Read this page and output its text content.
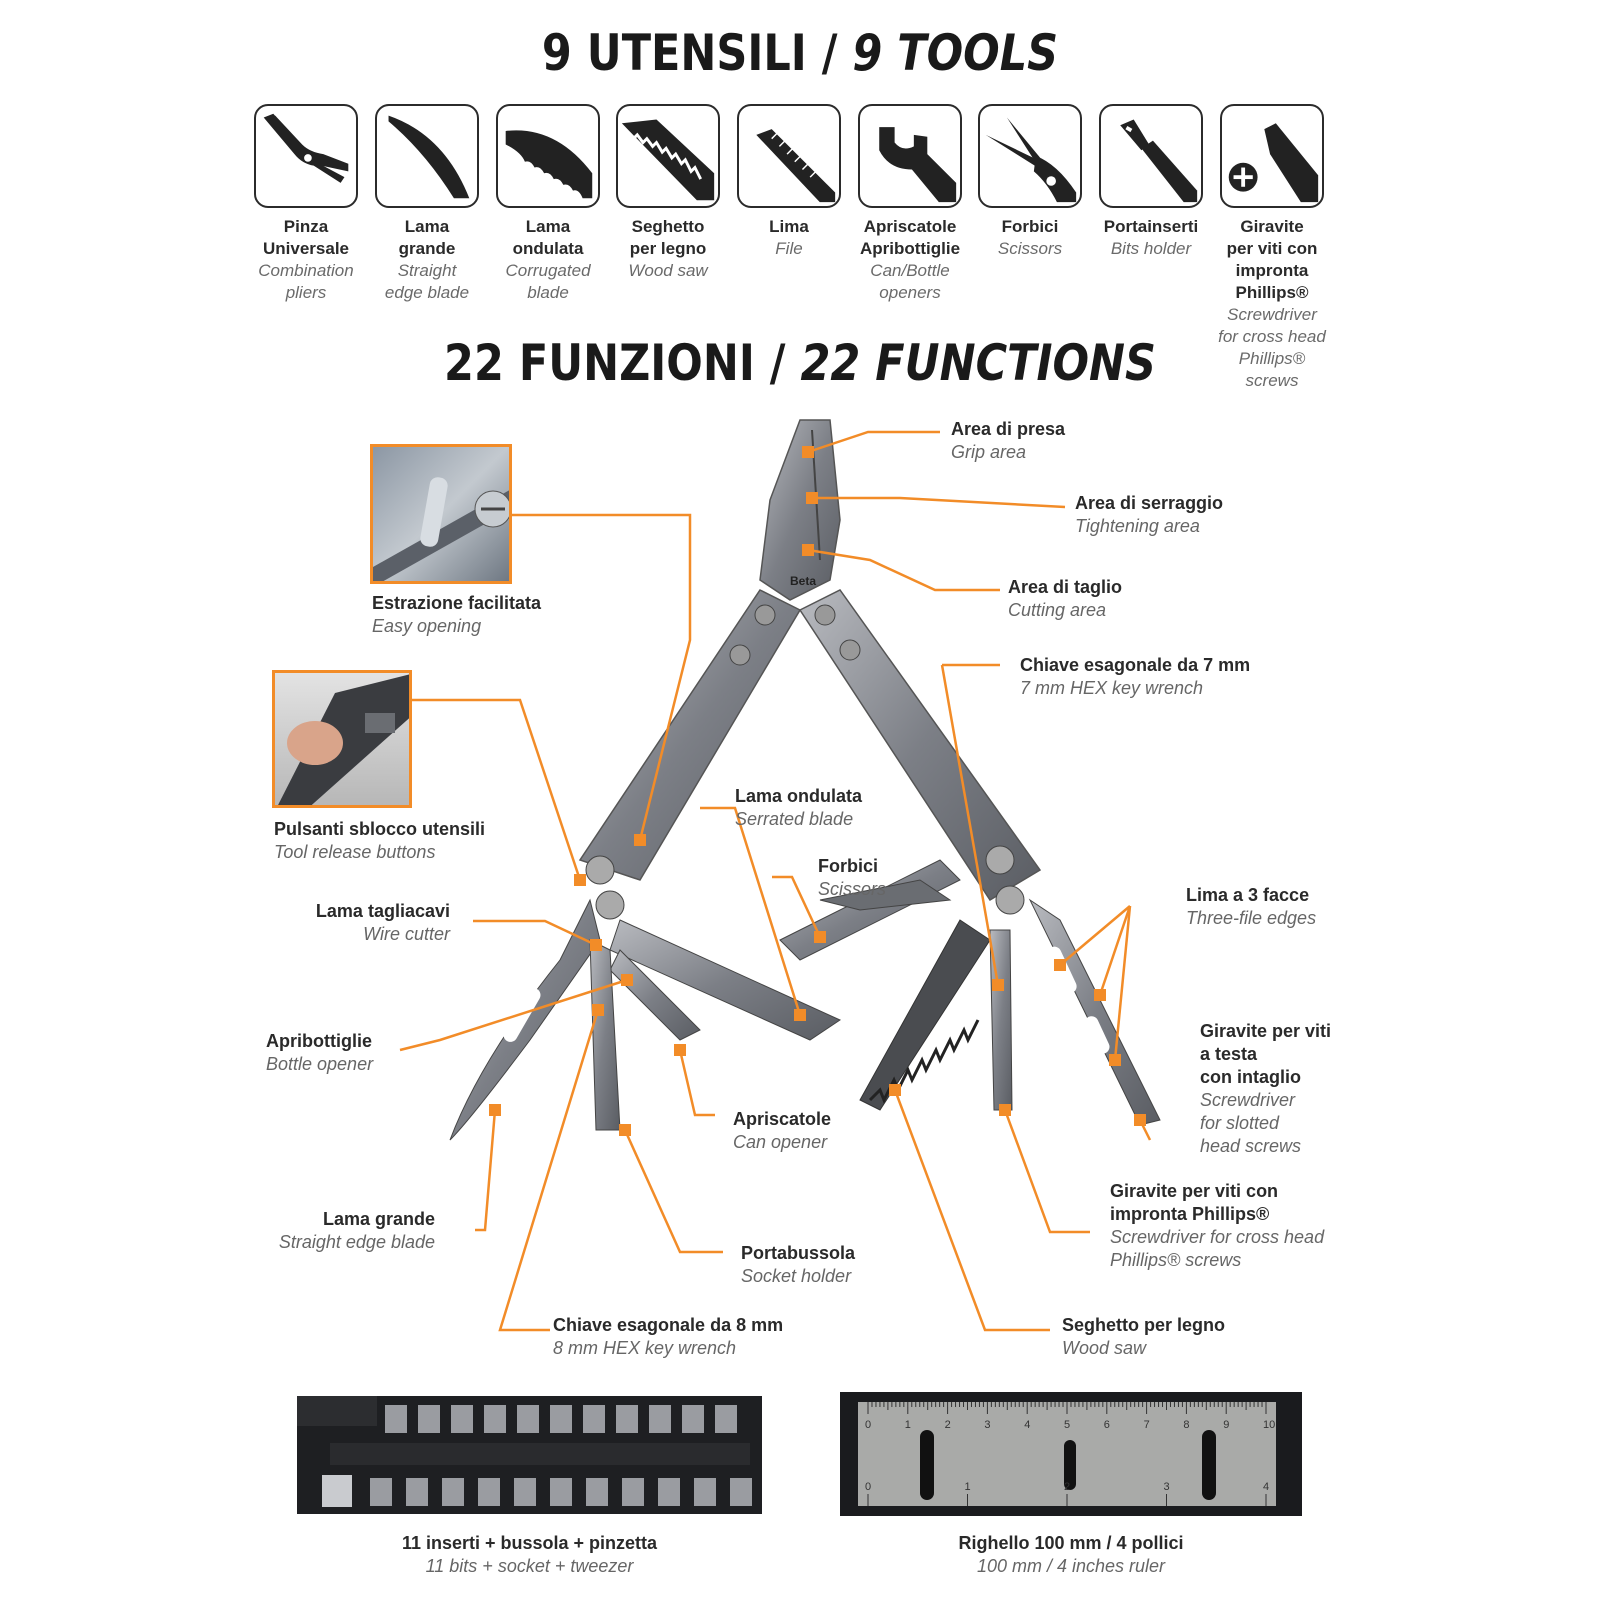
9 UTENSILI / 9 TOOLS
22 FUNZIONI / 22 FUNCTIONS
Pinza
Universale
Combination
pliers
Lama
grande
Straight
edge blade
Lama
ondulata
Corrugated
blade
Seghetto
per legno
Wood saw
Lima
File
Apriscatole
Apribottiglie
Can/Bottle
openers
Forbici
Scissors
Portainserti
Bits holder
Giravite
per viti con
impronta
Phillips®
Screwdriver
for cross head
Phillips® screws
Beta
0	1	2	3	4	5	6	7	8	9	10
0	1	2	3	4
Area di presa
Grip area
Area di serraggio
Tightening area
Area di taglio
Cutting area
Estrazione facilitata
Easy opening
Pulsanti sblocco utensili
Tool release buttons
Chiave esagonale da 7 mm
7 mm HEX key wrench
Lama ondulata
Serrated blade
Forbici
Scissors
Lama tagliacavi
Wire cutter
Lima a 3 facce
Three-file edges
Apribottiglie
Bottle opener
Giravite per viti
a testa
con intaglio
Screwdriver
for slotted
head screws
Apriscatole
Can opener
Lama grande
Straight edge blade
Giravite per viti con
impronta Phillips®
Screwdriver for cross head
Phillips® screws
Portabussola
Socket holder
Chiave esagonale da 8 mm
8 mm HEX key wrench
Seghetto per legno
Wood saw
11 inserti + bussola + pinzetta
11 bits + socket + tweezer
Righello 100 mm / 4 pollici
100 mm / 4 inches ruler
